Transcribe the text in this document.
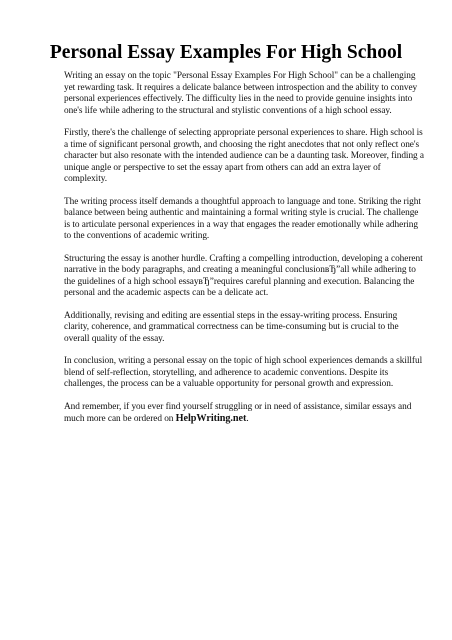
Personal Essay Examples For High School

Writing an essay on the topic "Personal Essay Examples For High School" can be a challenging yet rewarding task. It requires a delicate balance between introspection and the ability to convey personal experiences effectively. The difficulty lies in the need to provide genuine insights into one's life while adhering to the structural and stylistic conventions of a high school essay.

Firstly, there's the challenge of selecting appropriate personal experiences to share. High school is a time of significant personal growth, and choosing the right anecdotes that not only reflect one's character but also resonate with the intended audience can be a daunting task. Moreover, finding a unique angle or perspective to set the essay apart from others can add an extra layer of complexity.

The writing process itself demands a thoughtful approach to language and tone. Striking the right balance between being authentic and maintaining a formal writing style is crucial. The challenge is to articulate personal experiences in a way that engages the reader emotionally while adhering to the conventions of academic writing.

Structuring the essay is another hurdle. Crafting a compelling introduction, developing a coherent narrative in the body paragraphs, and creating a meaningful conclusionвЂ”all while adhering to the guidelines of a high school essayвЂ”requires careful planning and execution. Balancing the personal and the academic aspects can be a delicate act.

Additionally, revising and editing are essential steps in the essay-writing process. Ensuring clarity, coherence, and grammatical correctness can be time-consuming but is crucial to the overall quality of the essay.

In conclusion, writing a personal essay on the topic of high school experiences demands a skillful blend of self-reflection, storytelling, and adherence to academic conventions. Despite its challenges, the process can be a valuable opportunity for personal growth and expression.

And remember, if you ever find yourself struggling or in need of assistance, similar essays and much more can be ordered on HelpWriting.net.
